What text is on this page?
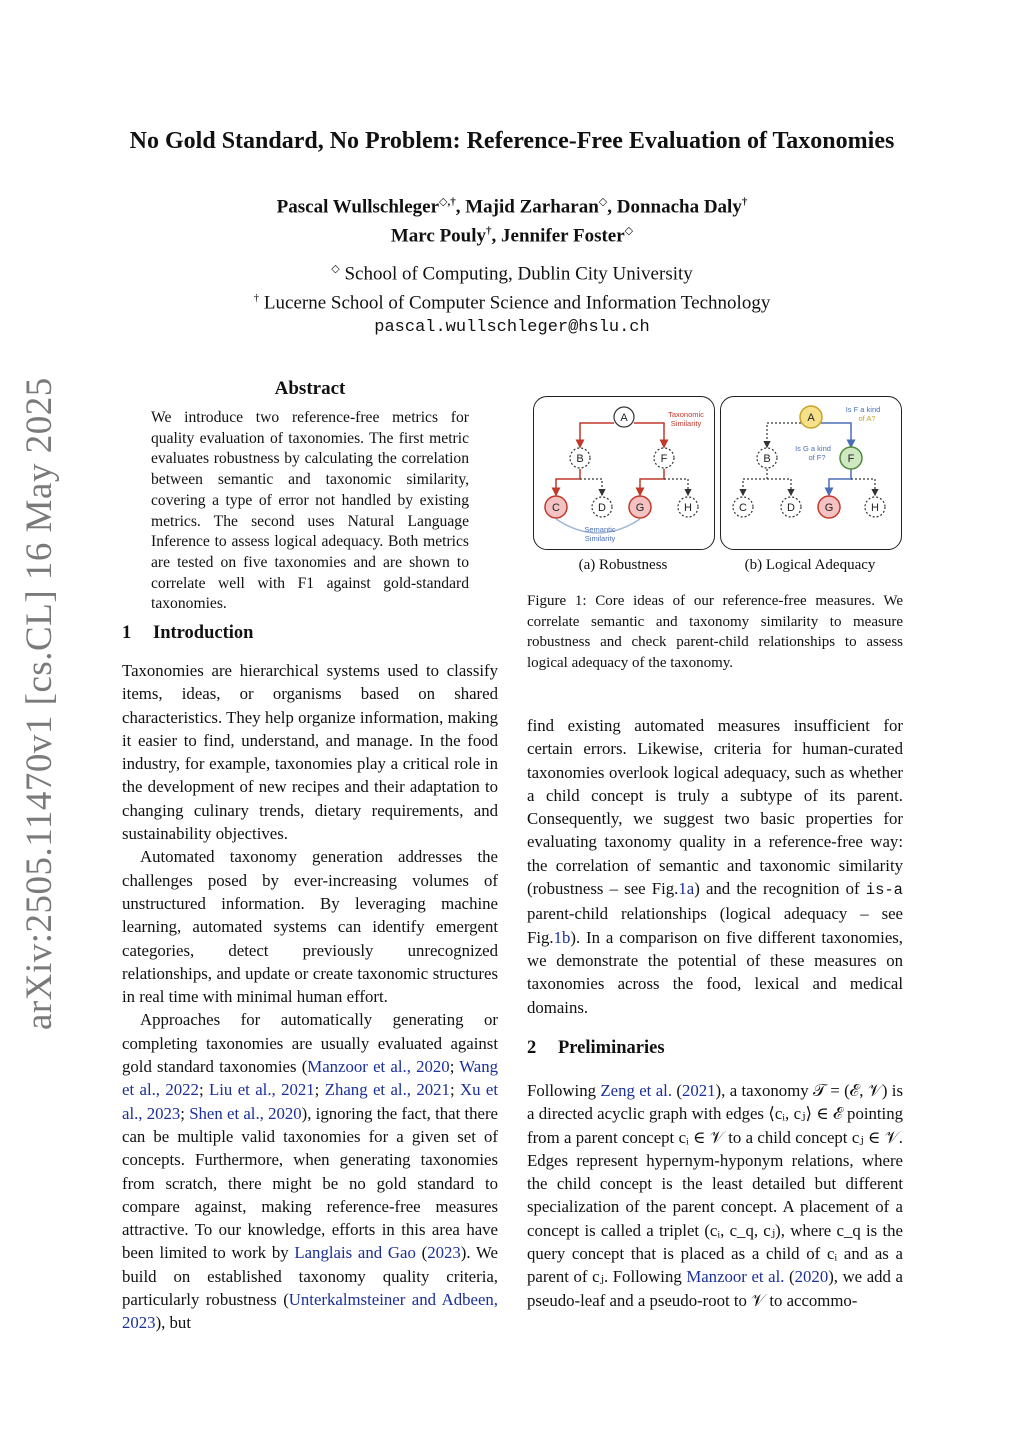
arXiv:2505.11470v1 [cs.CL] 16 May 2025
No Gold Standard, No Problem: Reference-Free Evaluation of Taxonomies
Pascal Wullschleger◇,†, Majid Zarharan◇, Donnacha Daly†
Marc Pouly†, Jennifer Foster◇
◇ School of Computing, Dublin City University
† Lucerne School of Computer Science and Information Technology
pascal.wullschleger@hslu.ch
Abstract
We introduce two reference-free metrics for quality evaluation of taxonomies. The first metric evaluates robustness by calculating the correlation between semantic and taxonomic similarity, covering a type of error not handled by existing metrics. The second uses Natural Language Inference to assess logical adequacy. Both metrics are tested on five taxonomies and are shown to correlate well with F1 against gold-standard taxonomies.
1 Introduction

Taxonomies are hierarchical systems used to classify items, ideas, or organisms based on shared characteristics. They help organize information, making it easier to find, understand, and manage. In the food industry, for example, taxonomies play a critical role in the development of new recipes and their adaptation to changing culinary trends, dietary requirements, and sustainability objectives.

Automated taxonomy generation addresses the challenges posed by ever-increasing volumes of unstructured information. By leveraging machine learning, automated systems can identify emergent categories, detect previously unrecognized relationships, and update or create taxonomic structures in real time with minimal human effort.

Approaches for automatically generating or completing taxonomies are usually evaluated against gold standard taxonomies (Manzoor et al., 2020; Wang et al., 2022; Liu et al., 2021; Zhang et al., 2021; Xu et al., 2023; Shen et al., 2020), ignoring the fact, that there can be multiple valid taxonomies for a given set of concepts. Furthermore, when generating taxonomies from scratch, there might be no gold standard to compare against, making reference-free measures attractive. To our knowledge, efforts in this area have been limited to work by Langlais and Gao (2023). We build on established taxonomy quality criteria, particularly robustness (Unterkalmsteiner and Adbeen, 2023), but

A
B	F
C	D	G	H
Taxonomic
Similarity
Semantic
Similarity
A
B	F
C	D	G	H
Is F a kind
of A?
Is G a kind
of F?
(a) Robustness	(b) Logical Adequacy
Figure 1: Core ideas of our reference-free measures. We correlate semantic and taxonomy similarity to measure robustness and check parent-child relationships to assess logical adequacy of the taxonomy.

find existing automated measures insufficient for certain errors. Likewise, criteria for human-curated taxonomies overlook logical adequacy, such as whether a child concept is truly a subtype of its parent. Consequently, we suggest two basic properties for evaluating taxonomy quality in a reference-free way: the correlation of semantic and taxonomic similarity (robustness – see Fig.1a) and the recognition of is-a parent-child relationships (logical adequacy – see Fig.1b). In a comparison on five different taxonomies, we demonstrate the potential of these measures on taxonomies across the food, lexical and medical domains.

2 Preliminaries

Following Zeng et al. (2021), a taxonomy 𝒯 = (ℰ, 𝒱) is a directed acyclic graph with edges ⟨cᵢ, cⱼ⟩ ∈ ℰ pointing from a parent concept cᵢ ∈ 𝒱 to a child concept cⱼ ∈ 𝒱. Edges represent hypernym-hyponym relations, where the child concept is the least detailed but different specialization of the parent concept. A placement of a concept is called a triplet (cᵢ, c_q, cⱼ), where c_q is the query concept that is placed as a child of cᵢ and as a parent of cⱼ. Following Manzoor et al. (2020), we add a pseudo-leaf and a pseudo-root to 𝒱 to accommo-
